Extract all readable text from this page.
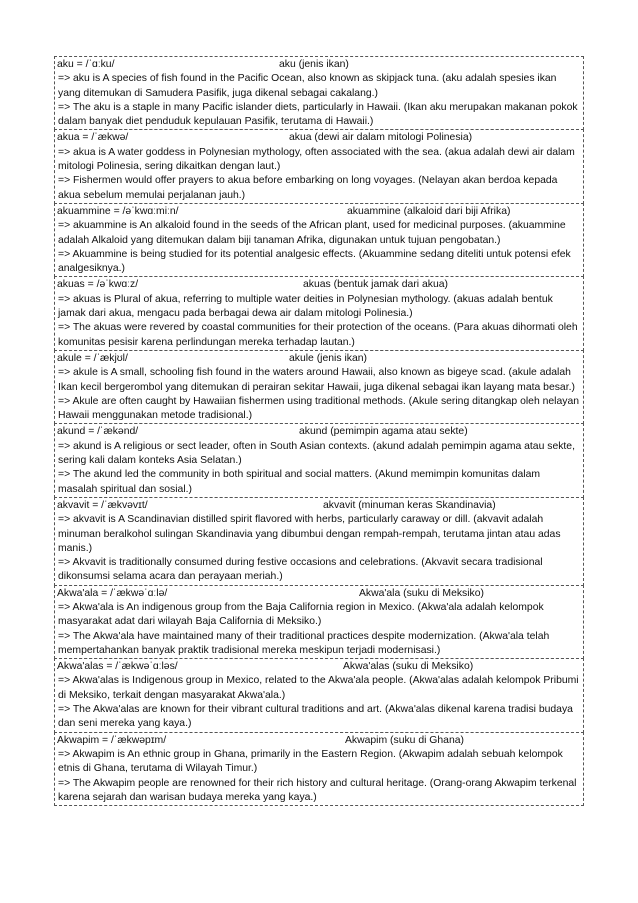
aku = /ˈɑːku/	aku (jenis ikan)

=> aku is A species of fish found in the Pacific Ocean, also known as skipjack tuna. (aku adalah spesies ikan yang ditemukan di Samudera Pasifik, juga dikenal sebagai cakalang.)

=> The aku is a staple in many Pacific islander diets, particularly in Hawaii. (Ikan aku merupakan makanan pokok dalam banyak diet penduduk kepulauan Pasifik, terutama di Hawaii.)

akua = /ˈækwə/	akua (dewi air dalam mitologi Polinesia)

=> akua is A water goddess in Polynesian mythology, often associated with the sea. (akua adalah dewi air dalam mitologi Polinesia, sering dikaitkan dengan laut.)

=> Fishermen would offer prayers to akua before embarking on long voyages. (Nelayan akan berdoa kepada akua sebelum memulai perjalanan jauh.)

akuammine = /əˈkwɑːmiːn/	akuammine (alkaloid dari biji Afrika)

=> akuammine is An alkaloid found in the seeds of the African plant, used for medicinal purposes. (akuammine adalah Alkaloid yang ditemukan dalam biji tanaman Afrika, digunakan untuk tujuan pengobatan.)

=> Akuammine is being studied for its potential analgesic effects. (Akuammine sedang diteliti untuk potensi efek analgesiknya.)

akuas = /əˈkwɑːz/	akuas (bentuk jamak dari akua)

=> akuas is Plural of akua, referring to multiple water deities in Polynesian mythology. (akuas adalah bentuk jamak dari akua, mengacu pada berbagai dewa air dalam mitologi Polinesia.)

=> The akuas were revered by coastal communities for their protection of the oceans. (Para akuas dihormati oleh komunitas pesisir karena perlindungan mereka terhadap lautan.)

akule = /ˈækjʊl/	akule (jenis ikan)

=> akule is A small, schooling fish found in the waters around Hawaii, also known as bigeye scad. (akule adalah Ikan kecil bergerombol yang ditemukan di perairan sekitar Hawaii, juga dikenal sebagai ikan layang mata besar.)

=> Akule are often caught by Hawaiian fishermen using traditional methods. (Akule sering ditangkap oleh nelayan Hawaii menggunakan metode tradisional.)

akund = /ˈækənd/	akund (pemimpin agama atau sekte)

=> akund is A religious or sect leader, often in South Asian contexts. (akund adalah pemimpin agama atau sekte, sering kali dalam konteks Asia Selatan.)

=> The akund led the community in both spiritual and social matters. (Akund memimpin komunitas dalam masalah spiritual dan sosial.)

akvavit = /ˈækvəvɪt/	akvavit (minuman keras Skandinavia)

=> akvavit is A Scandinavian distilled spirit flavored with herbs, particularly caraway or dill. (akvavit adalah minuman beralkohol sulingan Skandinavia yang dibumbui dengan rempah-rempah, terutama jintan atau adas manis.)

=> Akvavit is traditionally consumed during festive occasions and celebrations. (Akvavit secara tradisional dikonsumsi selama acara dan perayaan meriah.)

Akwa'ala = /ˈækwəˈɑːlə/	Akwa'ala (suku di Meksiko)

=> Akwa'ala is An indigenous group from the Baja California region in Mexico. (Akwa'ala adalah kelompok masyarakat adat dari wilayah Baja California di Meksiko.)

=> The Akwa'ala have maintained many of their traditional practices despite modernization. (Akwa'ala telah mempertahankan banyak praktik tradisional mereka meskipun terjadi modernisasi.)

Akwa'alas = /ˈækwəˈɑːləs/	Akwa'alas (suku di Meksiko)

=> Akwa'alas is Indigenous group in Mexico, related to the Akwa'ala people. (Akwa'alas adalah kelompok Pribumi di Meksiko, terkait dengan masyarakat Akwa'ala.)

=> The Akwa'alas are known for their vibrant cultural traditions and art. (Akwa'alas dikenal karena tradisi budaya dan seni mereka yang kaya.)

Akwapim = /ˈækwəpɪm/	Akwapim (suku di Ghana)

=> Akwapim is An ethnic group in Ghana, primarily in the Eastern Region. (Akwapim adalah sebuah kelompok etnis di Ghana, terutama di Wilayah Timur.)

=> The Akwapim people are renowned for their rich history and cultural heritage. (Orang-orang Akwapim terkenal karena sejarah dan warisan budaya mereka yang kaya.)
